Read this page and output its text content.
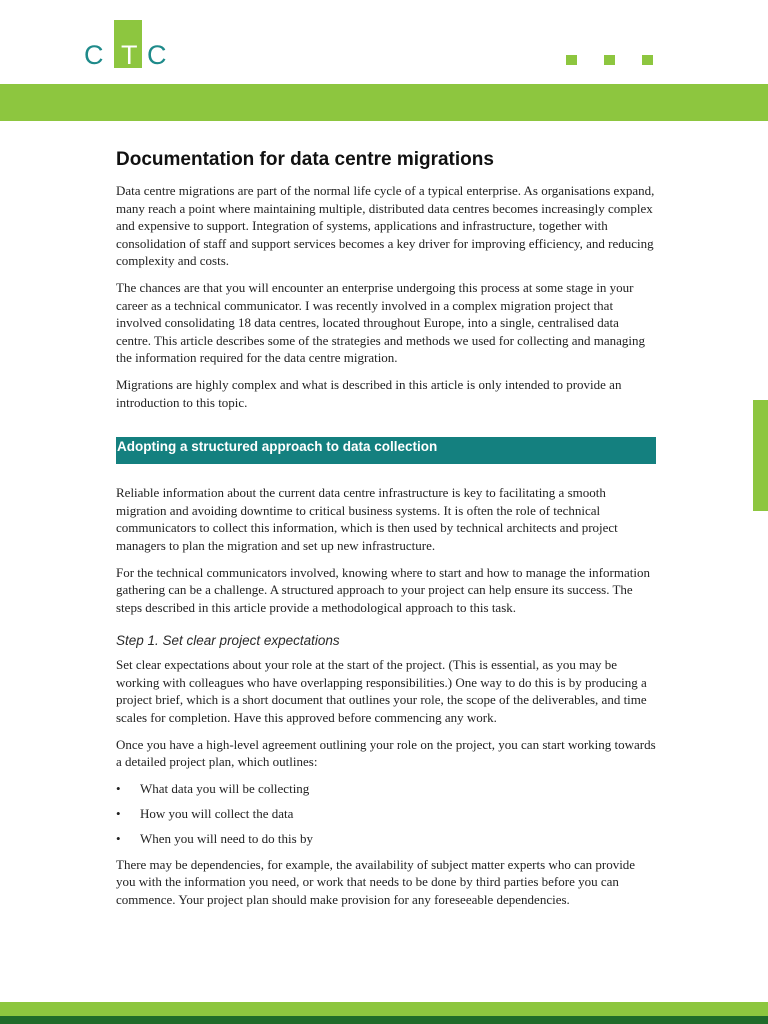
C T C
Documentation for data centre migrations

Data centre migrations are part of the normal life cycle of a typical enterprise. As organisations expand, many reach a point where maintaining multiple, distributed data centres becomes increasingly complex and expensive to support. Integration of systems, applications and infrastructure, together with consolidation of staff and support services becomes a key driver for improving efficiency, and reducing complexity and costs.

The chances are that you will encounter an enterprise undergoing this process at some stage in your career as a technical communicator. I was recently involved in a complex migration project that involved consolidating 18 data centres, located throughout Europe, into a single, centralised data centre. This article describes some of the strategies and methods we used for collecting and managing the information required for the data centre migration.

Migrations are highly complex and what is described in this article is only intended to provide an introduction to this topic.

Adopting a structured approach to data collection

Reliable information about the current data centre infrastructure is key to facilitating a smooth migration and avoiding downtime to critical business systems. It is often the role of technical communicators to collect this information, which is then used by technical architects and project managers to plan the migration and set up new infrastructure.

For the technical communicators involved, knowing where to start and how to manage the information gathering can be a challenge. A structured approach to your project can help ensure its success. The steps described in this article provide a methodological approach to this task.

Step 1. Set clear project expectations

Set clear expectations about your role at the start of the project. (This is essential, as you may be working with colleagues who have overlapping responsibilities.) One way to do this is by producing a project brief, which is a short document that outlines your role, the scope of the deliverables, and time scales for completion. Have this approved before commencing any work.

Once you have a high-level agreement outlining your role on the project, you can start working towards a detailed project plan, which outlines:

• What data you will be collecting
• How you will collect the data
• When you will need to do this by

There may be dependencies, for example, the availability of subject matter experts who can provide you with the information you need, or work that needs to be done by third parties before you can commence. Your project plan should make provision for any foreseeable dependencies.
